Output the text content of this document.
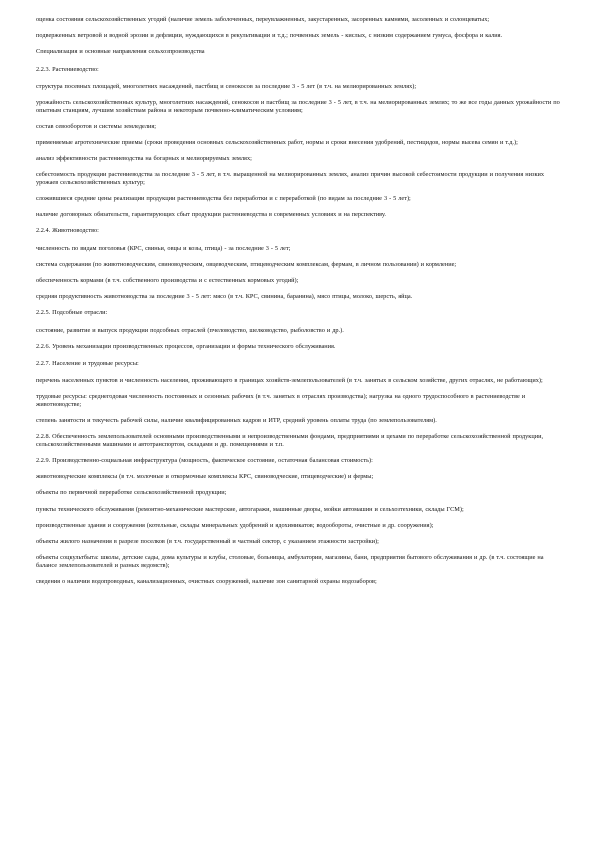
оценка состояния сельскохозяйственных угодий (наличие земель заболоченных, переувлажненных, закустаренных, засоренных камнями, засоленных и солонцеватых;

подверженных ветровой и водной эрозии и дефляции, нуждающихся в рекультивации и т.д.; почвенных земель - кислых, с низким содержанием гумуса, фосфора и калия.

Специализация и основные направления сельхозпроизводства

2.2.3. Растениеводство:

структура посевных площадей, многолетних насаждений, пастбищ и сенокосов за последние 3 - 5 лет (в т.ч. на мелиорированных землях);

урожайность сельскохозяйственных культур, многолетних насаждений, сенокосов и пастбищ за последние 3 - 5 лет, в т.ч. на мелиорированных землях; то же все годы данных урожайности по опытным станциям, лучшим хозяйствам района и некоторым почвенно-климатическим условиям;

состав севооборотов и системы земледелия;

применяемые агротехнические приемы (сроки проведения основных сельскохозяйственных работ, нормы и сроки внесения удобрений, пестицидов, нормы высева семян и т.д.);

анализ эффективности растениеводства на богарных и мелиорируемых землях;

себестоимость продукции растениеводства за последние 3 - 5 лет, в т.ч. выращенной на мелиорированных землях, анализ причин высокой себестоимости продукции и получения низких урожаев сельскохозяйственных культур;

сложившиеся средние цены реализации продукции растениеводства без переработки и с переработкой (по видам за последние 3 - 5 лет);

наличие договорных обязательств, гарантирующих сбыт продукции растениеводства в современных условиях и на перспективу.

2.2.4. Животноводство:

численность по видам поголовья (КРС, свиньи, овцы и козы, птица) - за последние 3 - 5 лет;

система содержания (по животноводческим, свиноводческим, овцеводческим, птицеводческим комплексам, фермам, в личном пользовании) и кормление;

обеспеченность кормами (в т.ч. собственного производства и с естественных кормовых угодий);

средняя продуктивность животноводства за последние 3 - 5 лет: мясо (в т.ч. КРС, свинина, баранина), мясо птицы, молоко, шерсть, яйца.

2.2.5. Подсобные отрасли:

состояние, развитие и выпуск продукции подсобных отраслей (пчеловодство, шелководство, рыболовство и др.).

2.2.6. Уровень механизации производственных процессов, организации и формы технического обслуживания.

2.2.7. Население и трудовые ресурсы:

перечень населенных пунктов и численность населения, проживающего в границах хозяйств-землепользователей (в т.ч. занятых в сельском хозяйстве, других отраслях, не работающих);

трудовые ресурсы: среднегодовая численность постоянных и сезонных рабочих (в т.ч. занятых в отраслях производства); нагрузка на одного трудоспособного в растениеводстве и животноводстве;

степень занятости и текучесть рабочей силы, наличие квалифицированных кадров и ИТР, средний уровень оплаты труда (по землепользователям).

2.2.8. Обеспеченность землепользователей основными производственными и непроизводственными фондами, предприятиями и цехами по переработке сельскохозяйственной продукции, сельскохозяйственными машинами и автотранспортом, складами и др. помещениями и т.п.

2.2.9. Производственно-социальная инфраструктура (мощность, фактическое состояние, остаточная балансовая стоимость):

животноводческие комплексы (в т.ч. молочные и откормочные комплексы КРС, свиноводческие, птицеводческие) и фермы;

объекты по первичной переработке сельскохозяйственной продукции;

пункты технического обслуживания (ремонтно-механические мастерские, автогаражи, машинные дворы, мойки автомашин и сельхозтехники, склады ГСМ);

производственные здания и сооружения (котельные, склады минеральных удобрений и ядохимикатов; водообороты, очистные и др. сооружения);

объекты жилого назначения в разрезе поселков (в т.ч. государственный и частный сектор, с указанием этажности застройки);

объекты соцкультбыта: школы, детские сады, дома культуры и клубы, столовые, больницы, амбулатории, магазины, бани, предприятия бытового обслуживания и др. (в т.ч. состоящие на балансе землепользователей и разных ведомств);

сведения о наличии водопроводных, канализационных, очистных сооружений, наличие зон санитарной охраны водозаборов;
